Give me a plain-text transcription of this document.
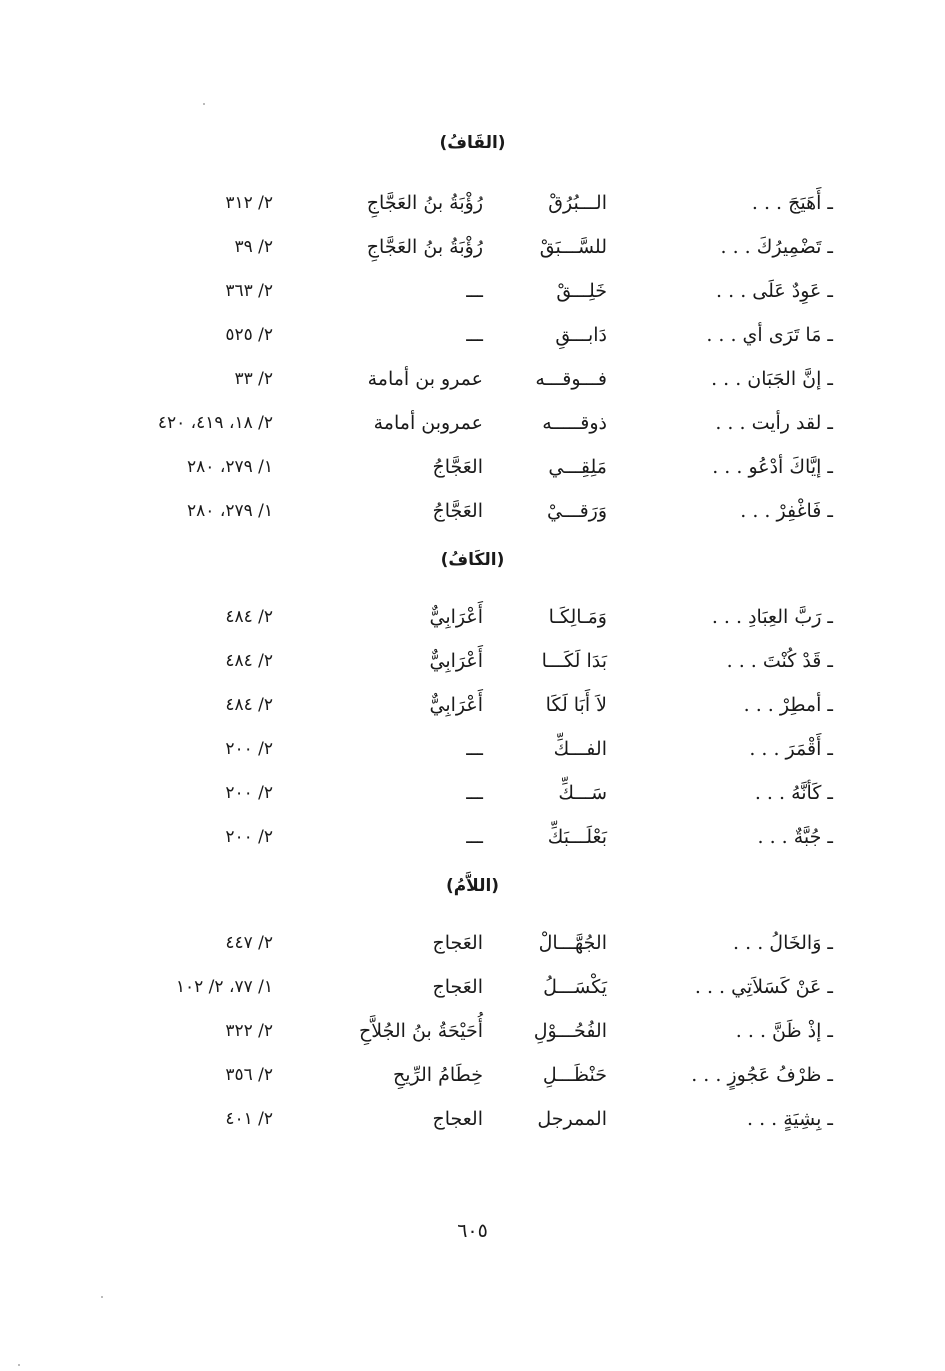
(القَافُ)
ـ أَهَيَجَ . . .
الـــبُرُقْ
رُؤْبَةُ بنُ العَجَّاجِ
٢/ ٣١٢
ـ تَضْمِيرُكَ . . .
للسَّـــبَقْ
رُؤْبَةُ بنُ العَجَّاجِ
٢/ ٣٩
ـ عَوِدٌ عَلَى . . .
خَلِـــقْ
ـــ
٢/ ٣٦٣
ـ مَا تَرَى أي . . .
دَابـــقِ
ـــ
٢/ ٥٢٥
ـ إنَّ الجَبَان . . .
فـــوقـــه
عمرو بن أمامة
٢/ ٣٣
ـ لقد رأيت . . .
ذوقـــــه
عمروبن أمامة
٢/ ١٨، ٤١٩، ٤٢٠
ـ إيَّاكَ أدْعُو . . .
مَلِقِـــي
العَجَّاجُ
١/ ٢٧٩، ٢٨٠
ـ فَاغْفِرْ . . .
وَرَقـــيْ
العَجَّاجُ
١/ ٢٧٩، ٢٨٠
(الكَافُ)
ـ رَبَّ العِبَادِ . . .
وَمَـالِكَـا
أَعْرَابِيٌّ
٢/ ٤٨٤
ـ قَدْ كُنْتَ . . .
بَدَا لَكَـــا
أَعْرَابِيٌّ
٢/ ٤٨٤
ـ أمطِرْ . . .
لاَ أَبَا لَكَا
أَعْرَابِيٌّ
٢/ ٤٨٤
ـ أَقْمَرَ . . .
الفـــكِّ
ـــ
٢/ ٢٠٠
ـ كَأنَّهُ . . .
سَـــكِّ
ـــ
٢/ ٢٠٠
ـ جُبَّةٌ . . .
بَعْلَـــبَكِّ
ـــ
٢/ ٢٠٠
(اللاَّمُ)
ـ وَالخَالُ . . .
الجُهَّـــالْ
العَجاج
٢/ ٤٤٧
ـ عَنْ كَسَلاَتِي . . .
يَكْسَـــلُ
العَجاج
١/ ٧٧، ٢/ ١٠٢
ـ إذْ ظَنَّ . . .
الفُحُـــوْلِ
أُحَيْحَةُ بنُ الجُلاَّحِ
٢/ ٣٢٢
ـ ظرْفُ عَجُوزٍ . . .
حَنْظَـــلِ
خِطَامُ الرِّيحِ
٢/ ٣٥٦
ـ بِشِيَةٍ . . .
الممرجل
العجاج
٢/ ٤٠١
٦٠٥
